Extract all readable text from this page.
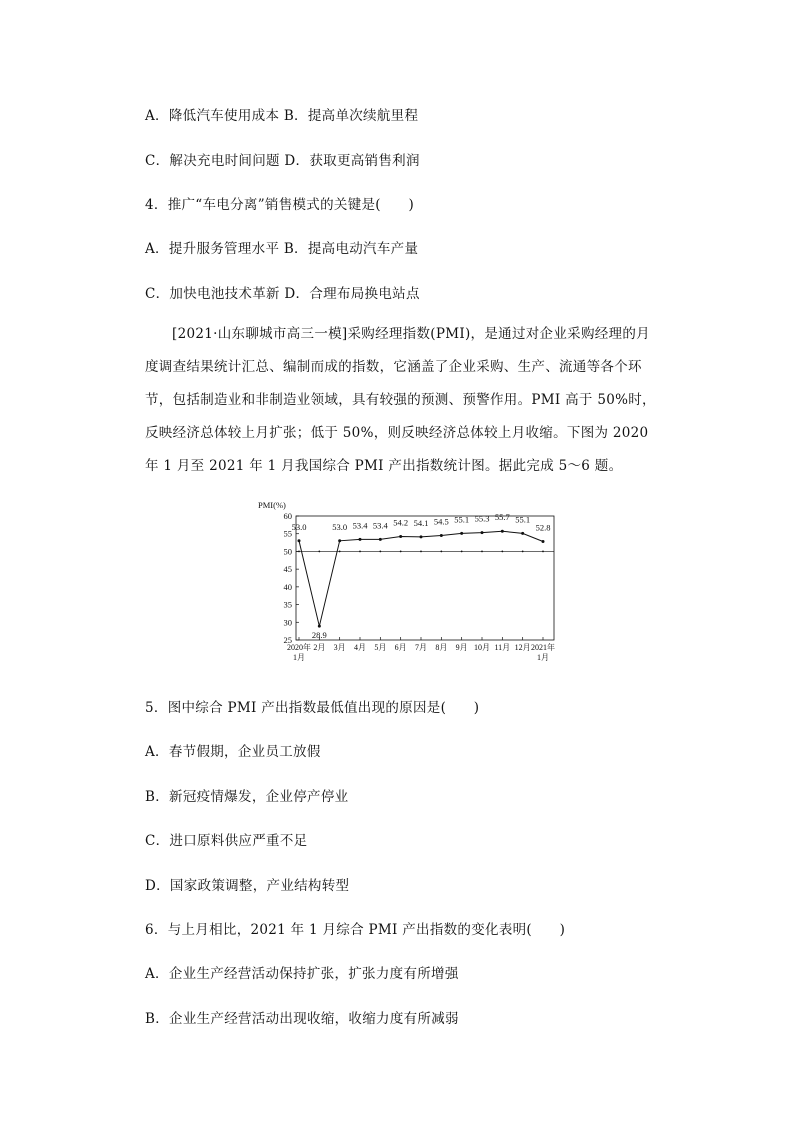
A．降低汽车使用成本 B．提高单次续航里程
C．解决充电时间问题 D．获取更高销售利润
4．推广“车电分离”销售模式的关键是(　　)
A．提升服务管理水平 B．提高电动汽车产量
C．加快电池技术革新 D．合理布局换电站点
[2021·山东聊城市高三一模]采购经理指数(PMI)，是通过对企业采购经理的月度调查结果统计汇总、编制而成的指数，它涵盖了企业采购、生产、流通等各个环节，包括制造业和非制造业领域，具有较强的预测、预警作用。PMI 高于 50%时，反映经济总体较上月扩张；低于 50%，则反映经济总体较上月收缩。下图为 2020 年 1 月至 2021 年 1 月我国综合 PMI 产出指数统计图。据此完成 5～6 题。
PMI(%)
25
30
35
40
45
50
55
60
2020年
1月
2月 3月 4月 5月 6月 7月 8月 9月 10月 11月 12月 2021年
1月
53.0
28.9
53.0 53.4 53.4 54.2 54.1 54.5 55.1 55.3 55.7 55.1
52.8
5．图中综合 PMI 产出指数最低值出现的原因是(　　)
A．春节假期，企业员工放假
B．新冠疫情爆发，企业停产停业
C．进口原料供应严重不足
D．国家政策调整，产业结构转型
6．与上月相比，2021 年 1 月综合 PMI 产出指数的变化表明(　　)
A．企业生产经营活动保持扩张，扩张力度有所增强
B．企业生产经营活动出现收缩，收缩力度有所减弱
